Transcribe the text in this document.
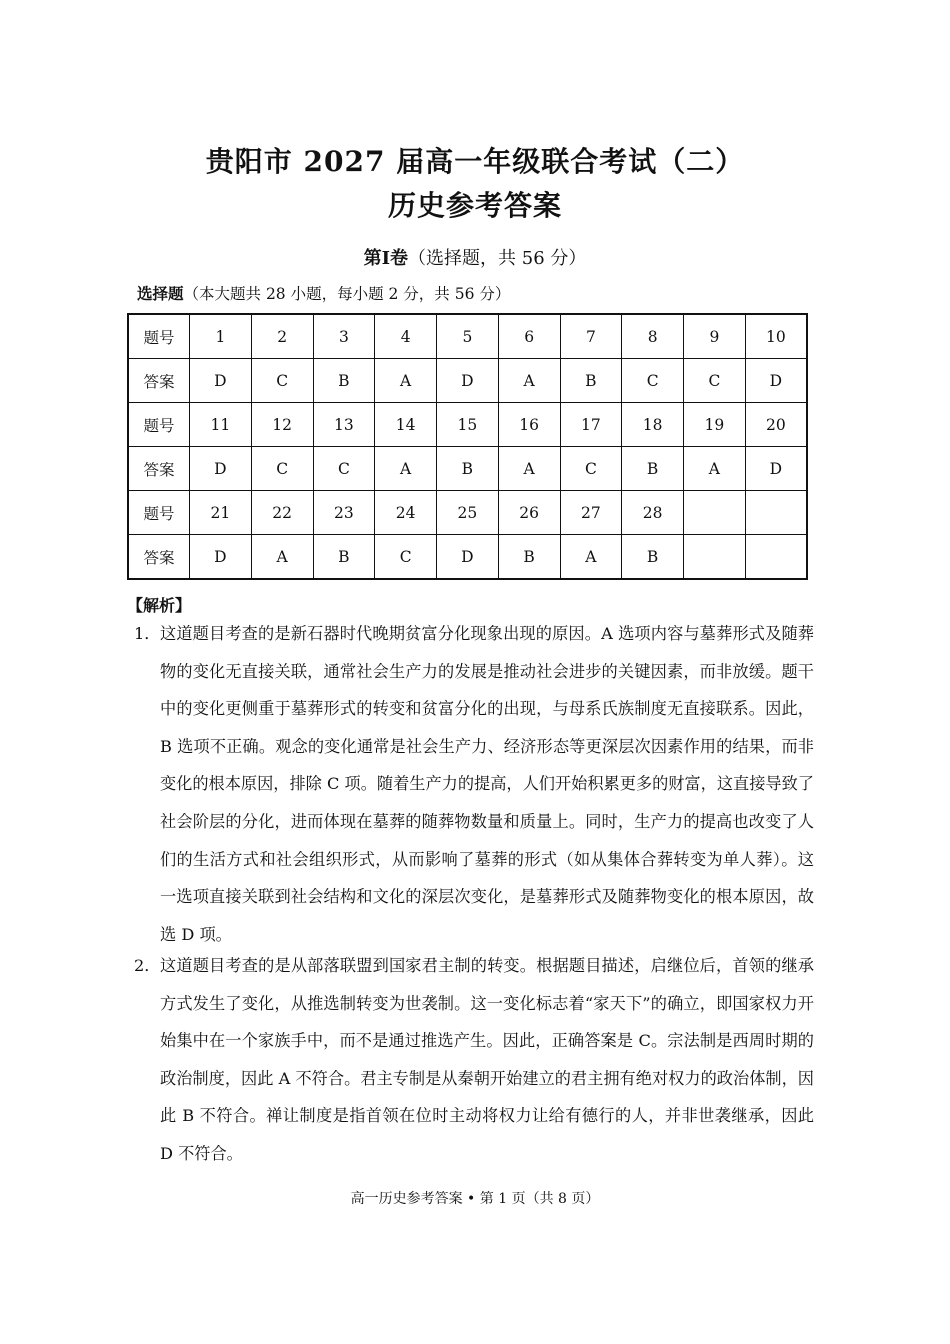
贵阳市 2027 届高一年级联合考试（二）
历史参考答案
第Ⅰ卷（选择题，共 56 分）
选择题（本大题共 28 小题，每小题 2 分，共 56 分）
题号	1	2	3	4	5	6	7	8	9	10
答案	D	C	B	A	D	A	B	C	C	D
题号	11	12	13	14	15	16	17	18	19	20
答案	D	C	C	A	B	A	C	B	A	D
题号	21	22	23	24	25	26	27	28		
答案	D	A	B	C	D	B	A	B		
【解析】
1． 这道题目考查的是新石器时代晚期贫富分化现象出现的原因。A 选项内容与墓葬形式及随葬物的变化无直接关联，通常社会生产力的发展是推动社会进步的关键因素，而非放缓。题干中的变化更侧重于墓葬形式的转变和贫富分化的出现，与母系氏族制度无直接联系。因此，B 选项不正确。观念的变化通常是社会生产力、经济形态等更深层次因素作用的结果，而非变化的根本原因，排除 C 项。随着生产力的提高，人们开始积累更多的财富，这直接导致了社会阶层的分化，进而体现在墓葬的随葬物数量和质量上。同时，生产力的提高也改变了人们的生活方式和社会组织形式，从而影响了墓葬的形式（如从集体合葬转变为单人葬）。这一选项直接关联到社会结构和文化的深层次变化，是墓葬形式及随葬物变化的根本原因，故选 D 项。
2． 这道题目考查的是从部落联盟到国家君主制的转变。根据题目描述，启继位后，首领的继承方式发生了变化，从推选制转变为世袭制。这一变化标志着“家天下”的确立，即国家权力开始集中在一个家族手中，而不是通过推选产生。因此，正确答案是 C。宗法制是西周时期的政治制度，因此 A 不符合。君主专制是从秦朝开始建立的君主拥有绝对权力的政治体制，因此 B 不符合。禅让制度是指首领在位时主动将权力让给有德行的人，并非世袭继承，因此 D 不符合。
高一历史参考答案 • 第 1 页（共 8 页）
